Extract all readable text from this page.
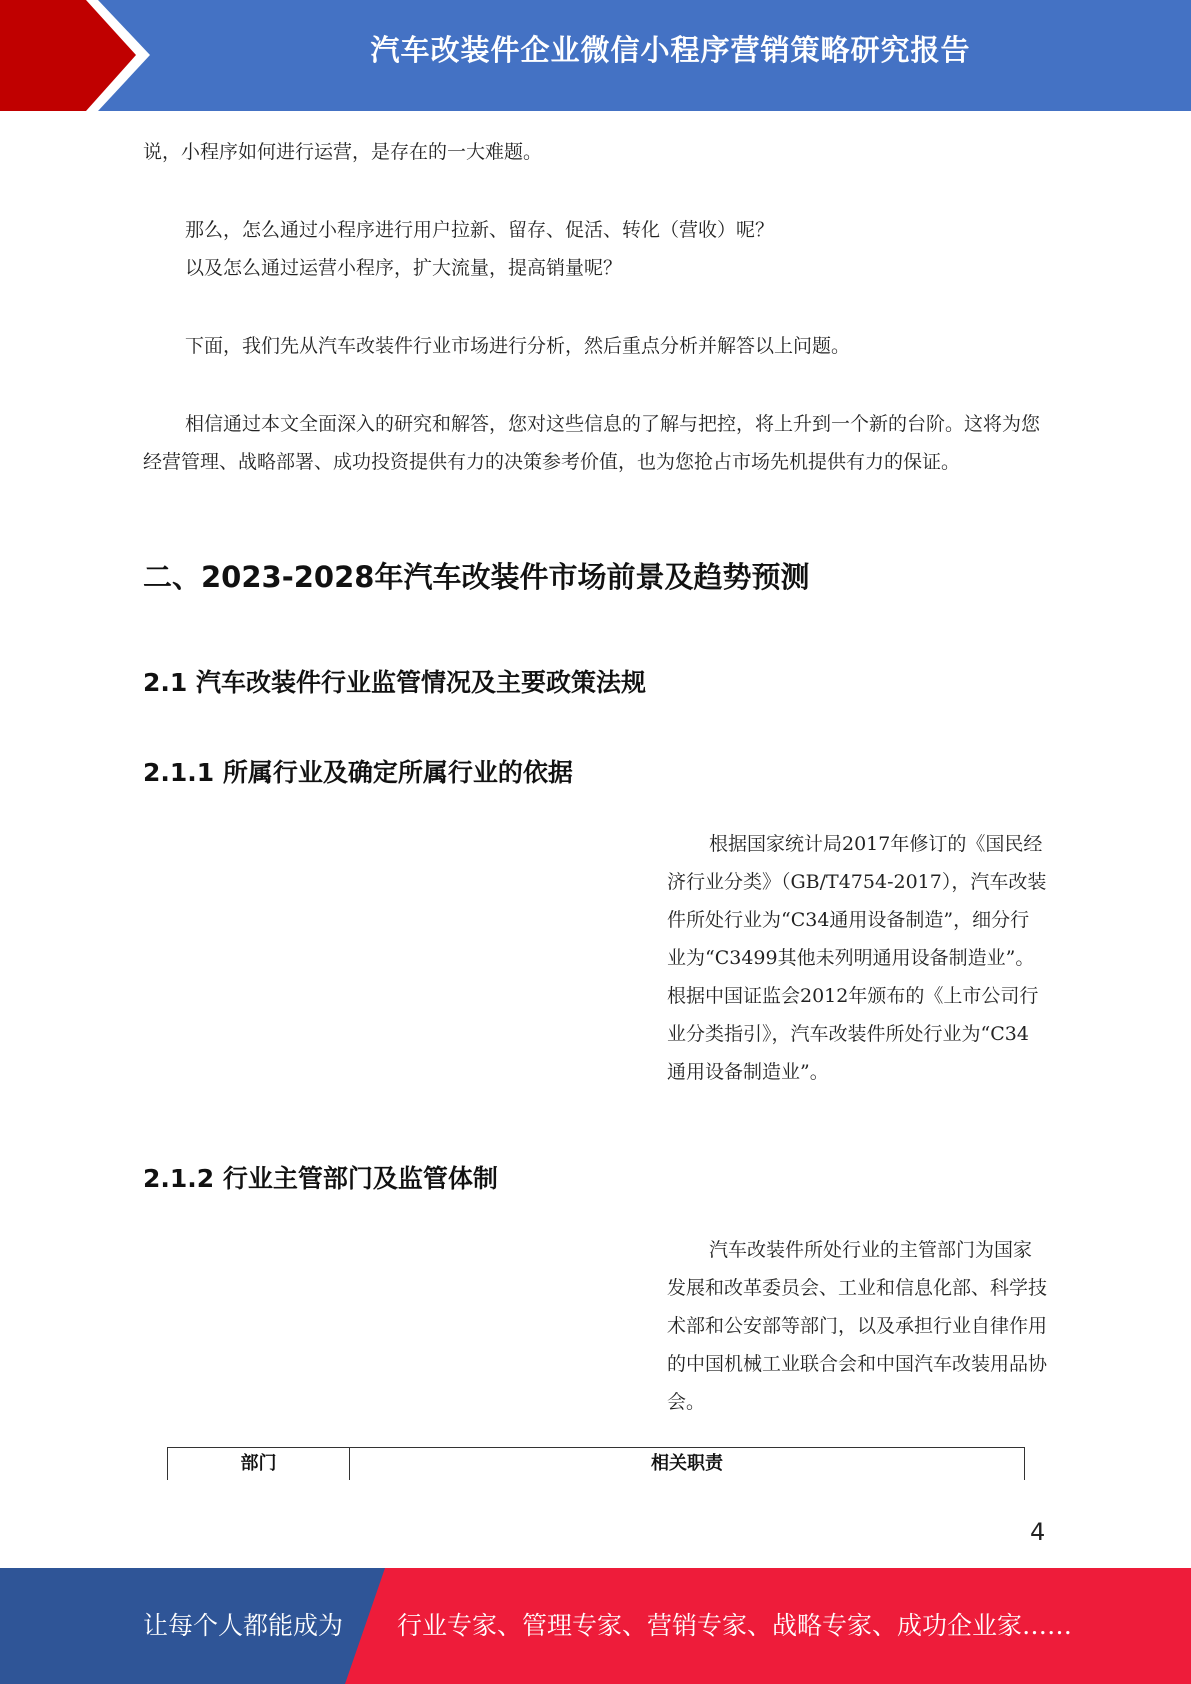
汽车改装件企业微信小程序营销策略研究报告

说，小程序如何进行运营，是存在的一大难题。

那么，怎么通过小程序进行用户拉新、留存、促活、转化（营收）呢？

以及怎么通过运营小程序，扩大流量，提高销量呢？

下面，我们先从汽车改装件行业市场进行分析，然后重点分析并解答以上问题。

相信通过本文全面深入的研究和解答，您对这些信息的了解与把控，将上升到一个新的台阶。这将为您经营管理、战略部署、成功投资提供有力的决策参考价值，也为您抢占市场先机提供有力的保证。

二、2023-2028年汽车改装件市场前景及趋势预测
2.1 汽车改装件行业监管情况及主要政策法规
2.1.1 所属行业及确定所属行业的依据

根据国家统计局2017年修订的《国民经济行业分类》（GB/T4754-2017），汽车改装件所处行业为“C34通用设备制造”，细分行业为“C3499其他未列明通用设备制造业”。根据中国证监会2012年颁布的《上市公司行业分类指引》，汽车改装件所处行业为“C34通用设备制造业”。

2.1.2 行业主管部门及监管体制

汽车改装件所处行业的主管部门为国家发展和改革委员会、工业和信息化部、科学技术部和公安部等部门，以及承担行业自律作用的中国机械工业联合会和中国汽车改装用品协会。

部门	相关职责
4
让每个人都能成为 行业专家、管理专家、营销专家、战略专家、成功企业家……
